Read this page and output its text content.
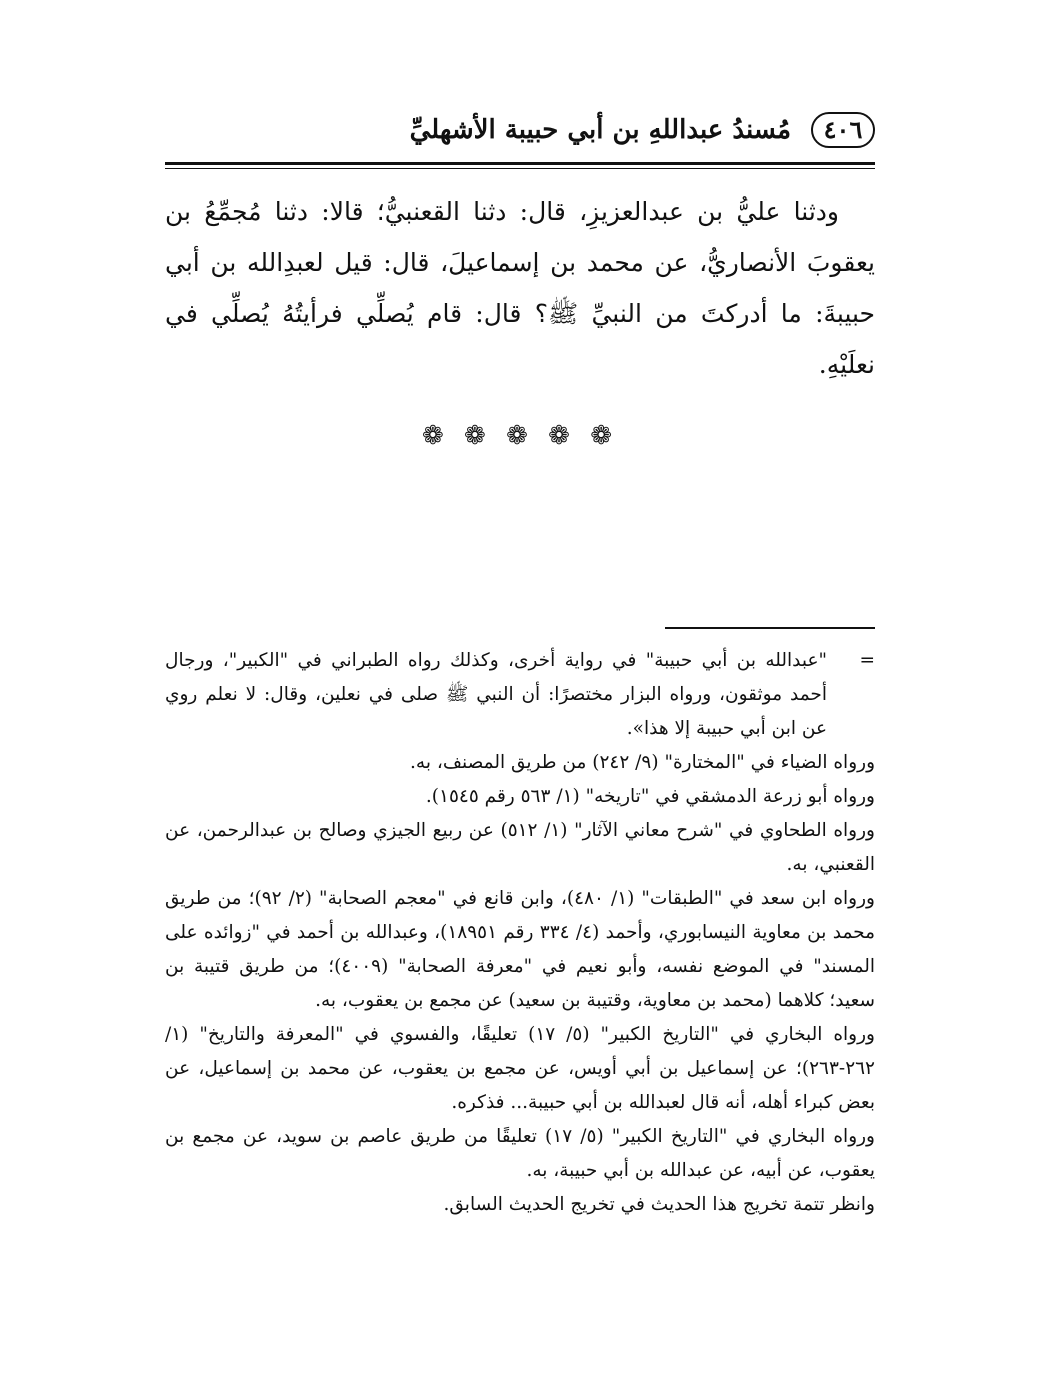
٤٠٦
مُسندُ عبداللهِ بن أبي حبيبة الأشهليِّ

ودثنا عليُّ بن عبدالعزيزِ، قال: دثنا القعنبيُّ؛ قالا: دثنا مُجمِّعُ بن يعقوبَ الأنصاريُّ، عن محمد بن إسماعيلَ، قال: قيل لعبدِالله بن أبي حبيبةَ: ما أدركتَ من النبيِّ ﷺ؟ قال: قام يُصلِّي فرأيتُهُ يُصلِّي في نعلَيْهِ.

❁ ❁ ❁ ❁ ❁
=
"عبدالله بن أبي حبيبة" في رواية أخرى، وكذلك رواه الطبراني في "الكبير"، ورجال أحمد موثقون، ورواه البزار مختصرًا: أن النبي ﷺ صلى في نعلين، وقال: لا نعلم روي عن ابن أبي حبيبة إلا هذا».

ورواه الضياء في "المختارة" (٩/ ٢٤٢) من طريق المصنف، به.

ورواه أبو زرعة الدمشقي في "تاريخه" (١/ ٥٦٣ رقم ١٥٤٥).

ورواه الطحاوي في "شرح معاني الآثار" (١/ ٥١٢) عن ربيع الجيزي وصالح بن عبدالرحمن، عن القعنبي، به.

ورواه ابن سعد في "الطبقات" (١/ ٤٨٠)، وابن قانع في "معجم الصحابة" (٢/ ٩٢)؛ من طريق محمد بن معاوية النيسابوري، وأحمد (٤/ ٣٣٤ رقم ١٨٩٥١)، وعبدالله بن أحمد في "زوائده على المسند" في الموضع نفسه، وأبو نعيم في "معرفة الصحابة" (٤٠٠٩)؛ من طريق قتيبة بن سعيد؛ كلاهما (محمد بن معاوية، وقتيبة بن سعيد) عن مجمع بن يعقوب، به.

ورواه البخاري في "التاريخ الكبير" (٥/ ١٧) تعليقًا، والفسوي في "المعرفة والتاريخ" (١/ ٢٦٢-٢٦٣)؛ عن إسماعيل بن أبي أويس، عن مجمع بن يعقوب، عن محمد بن إسماعيل، عن بعض كبراء أهله، أنه قال لعبدالله بن أبي حبيبة... فذكره.

ورواه البخاري في "التاريخ الكبير" (٥/ ١٧) تعليقًا من طريق عاصم بن سويد، عن مجمع بن يعقوب، عن أبيه، عن عبدالله بن أبي حبيبة، به.

وانظر تتمة تخريج هذا الحديث في تخريج الحديث السابق.
